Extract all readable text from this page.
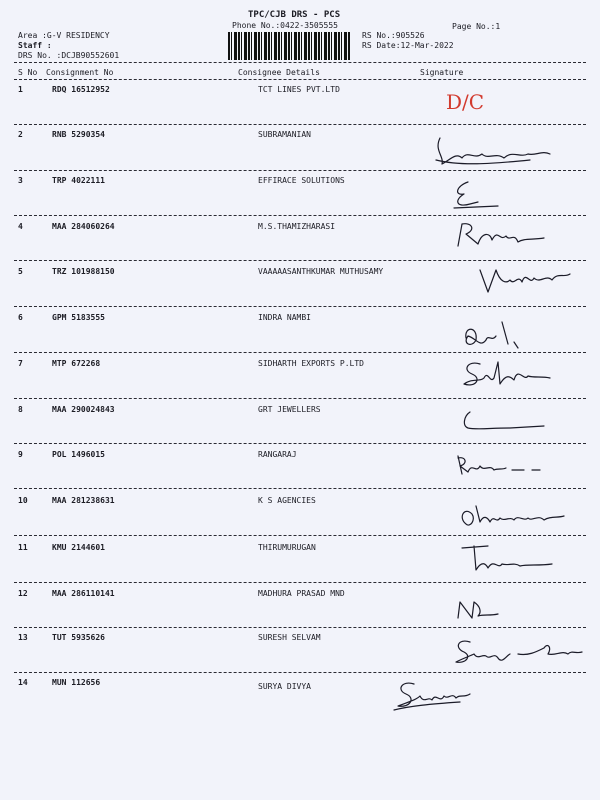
TPC/CJB DRS - PCS
Phone No.:0422-3505555	Page No.:1
Area :G-V RESIDENCY
Staff :
DRS No. :DCJB90552601
RS No.:905526
RS Date:12-Mar-2022
S No Consignment No	Consignee Details	Signature
1	RDQ 16512952	TCT LINES PVT.LTD
D/C
2	RNB 5290354	SUBRAMANIAN
3	TRP 4022111	EFFIRACE SOLUTIONS
4	MAA 284060264	M.S.THAMIZHARASI
5	TRZ 101988150	VAAAAASANTHKUMAR MUTHUSAMY
6	GPM 5183555	INDRA NAMBI
7	MTP 672268	SIDHARTH EXPORTS P.LTD
8	MAA 290024843	GRT JEWELLERS
9	POL 1496015	RANGARAJ
10	MAA 281238631	K S AGENCIES
11	KMU 2144601	THIRUMURUGAN
12	MAA 286110141	MADHURA PRASAD MND
13	TUT 5935626	SURESH SELVAM
14	MUN 112656	SURYA DIVYA
